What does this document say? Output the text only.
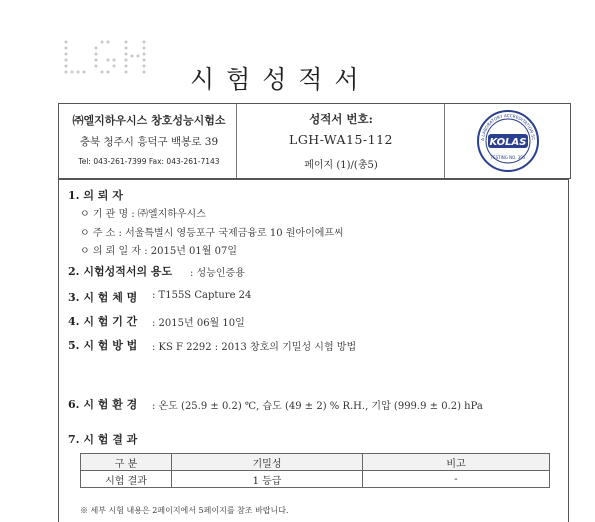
시 험 성 적 서
㈜엘지하우시스 창호성능시험소
충북 청주시 흥덕구 백봉로 39
Tel: 043-261-7399 Fax: 043-261-7143
성적서 번호:
LGH-WA15-112
페이지 (1)/(총5)
KOLAS
A LABORATORY ACCREDITATION SC
TESTING NO. 395
1. 의 뢰 자
ㅇ 기 관 명 : ㈜엘지하우시스
ㅇ 주 소 : 서울특별시 영등포구 국제금융로 10 원아이에프씨
ㅇ 의 뢰 일 자 : 2015년 01월 07일
2. 시험성적서의 용도 : 성능인증용
3. 시 험 체 명 : T155S Capture 24
4. 시 험 기 간 : 2015년 06월 10일
5. 시 험 방 법 : KS F 2292 : 2013 창호의 기밀성 시험 방법
6. 시 험 환 경 : 온도 (25.9 ± 0.2) ℃, 습도 (49 ± 2) % R.H., 기압 (999.9 ± 0.2) hPa
7. 시 험 결 과
구 분	기밀성	비고
시험 결과	1 등급	-
※ 세부 시험 내용은 2페이지에서 5페이지를 참조 바랍니다.
